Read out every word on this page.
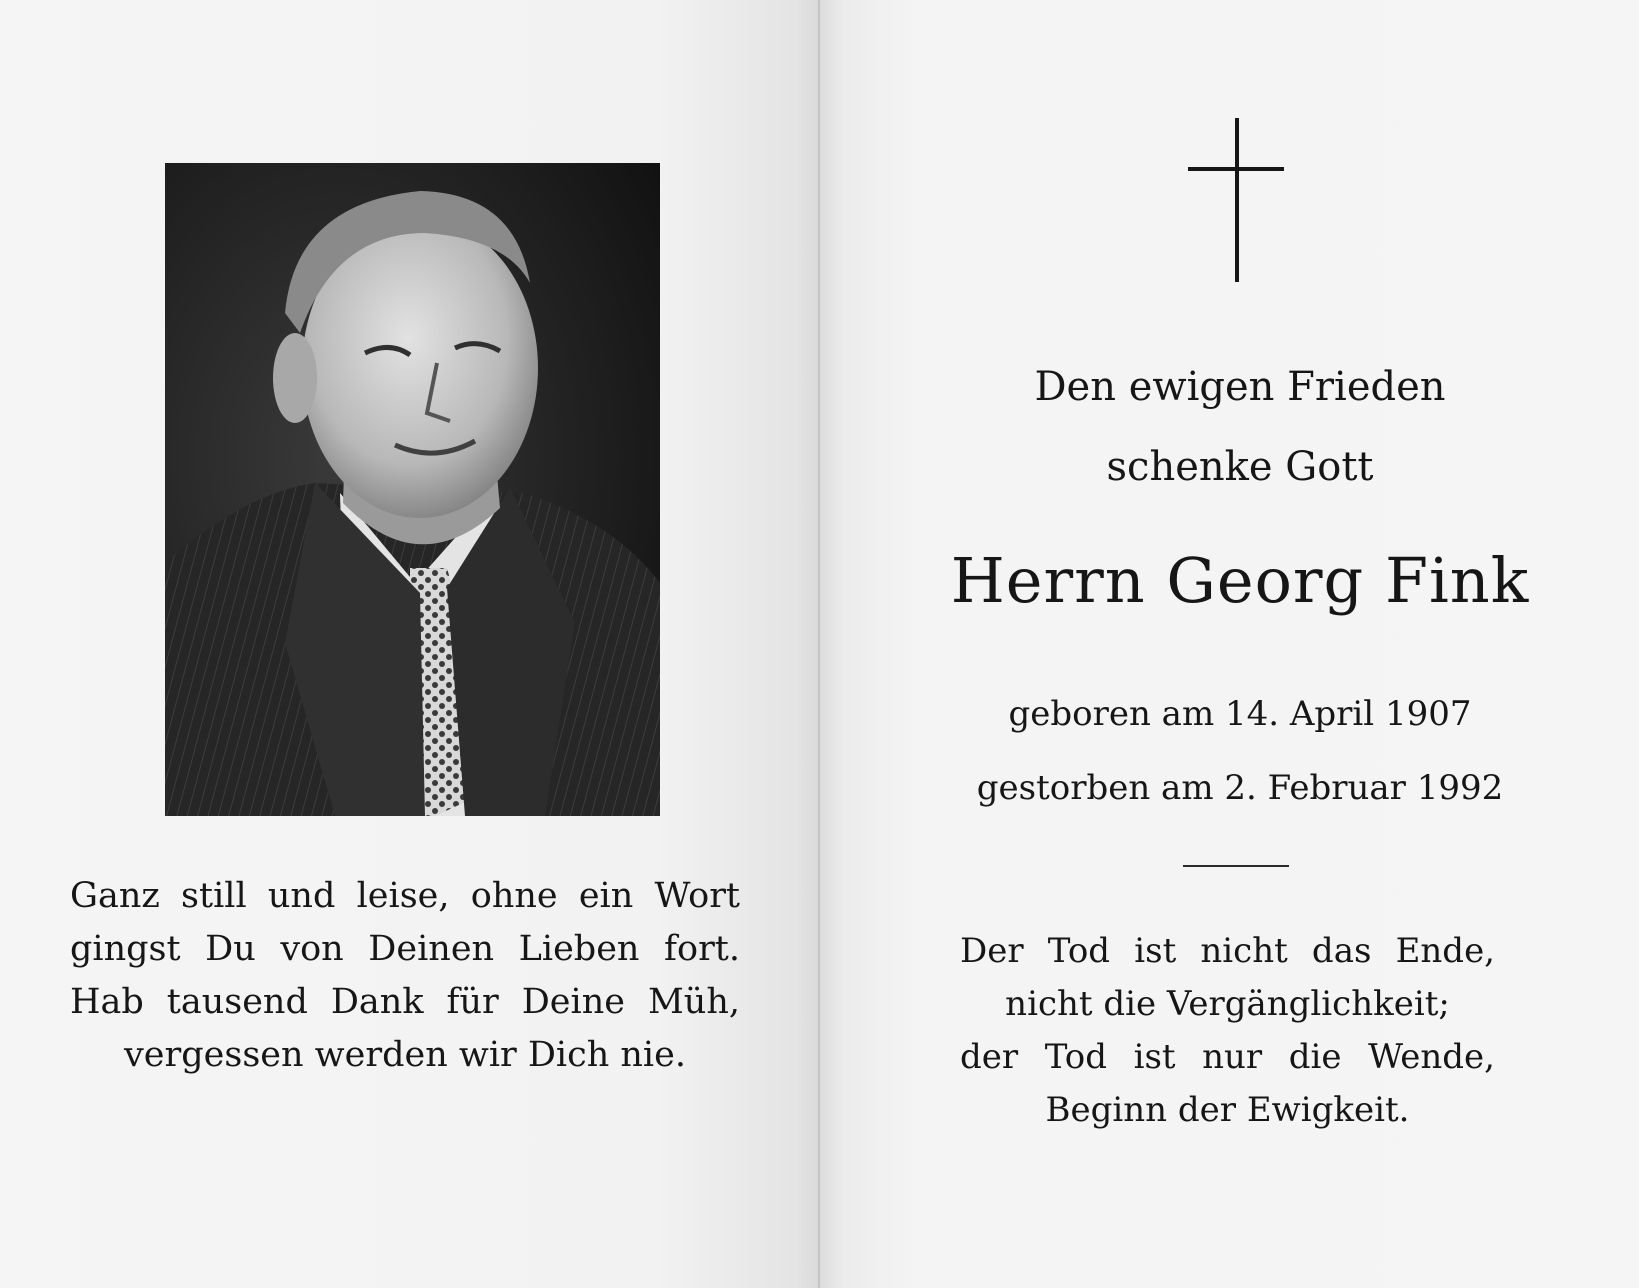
Ganz still und leise, ohne ein Wort
gingst Du von Deinen Lieben fort.
Hab tausend Dank für Deine Müh,
vergessen werden wir Dich nie.

Den ewigen Frieden
schenke Gott
Herrn Georg Fink
geboren am 14. April 1907
gestorben am 2. Februar 1992
Der Tod ist nicht das Ende,
nicht die Vergänglichkeit;
der Tod ist nur die Wende,
Beginn der Ewigkeit.
